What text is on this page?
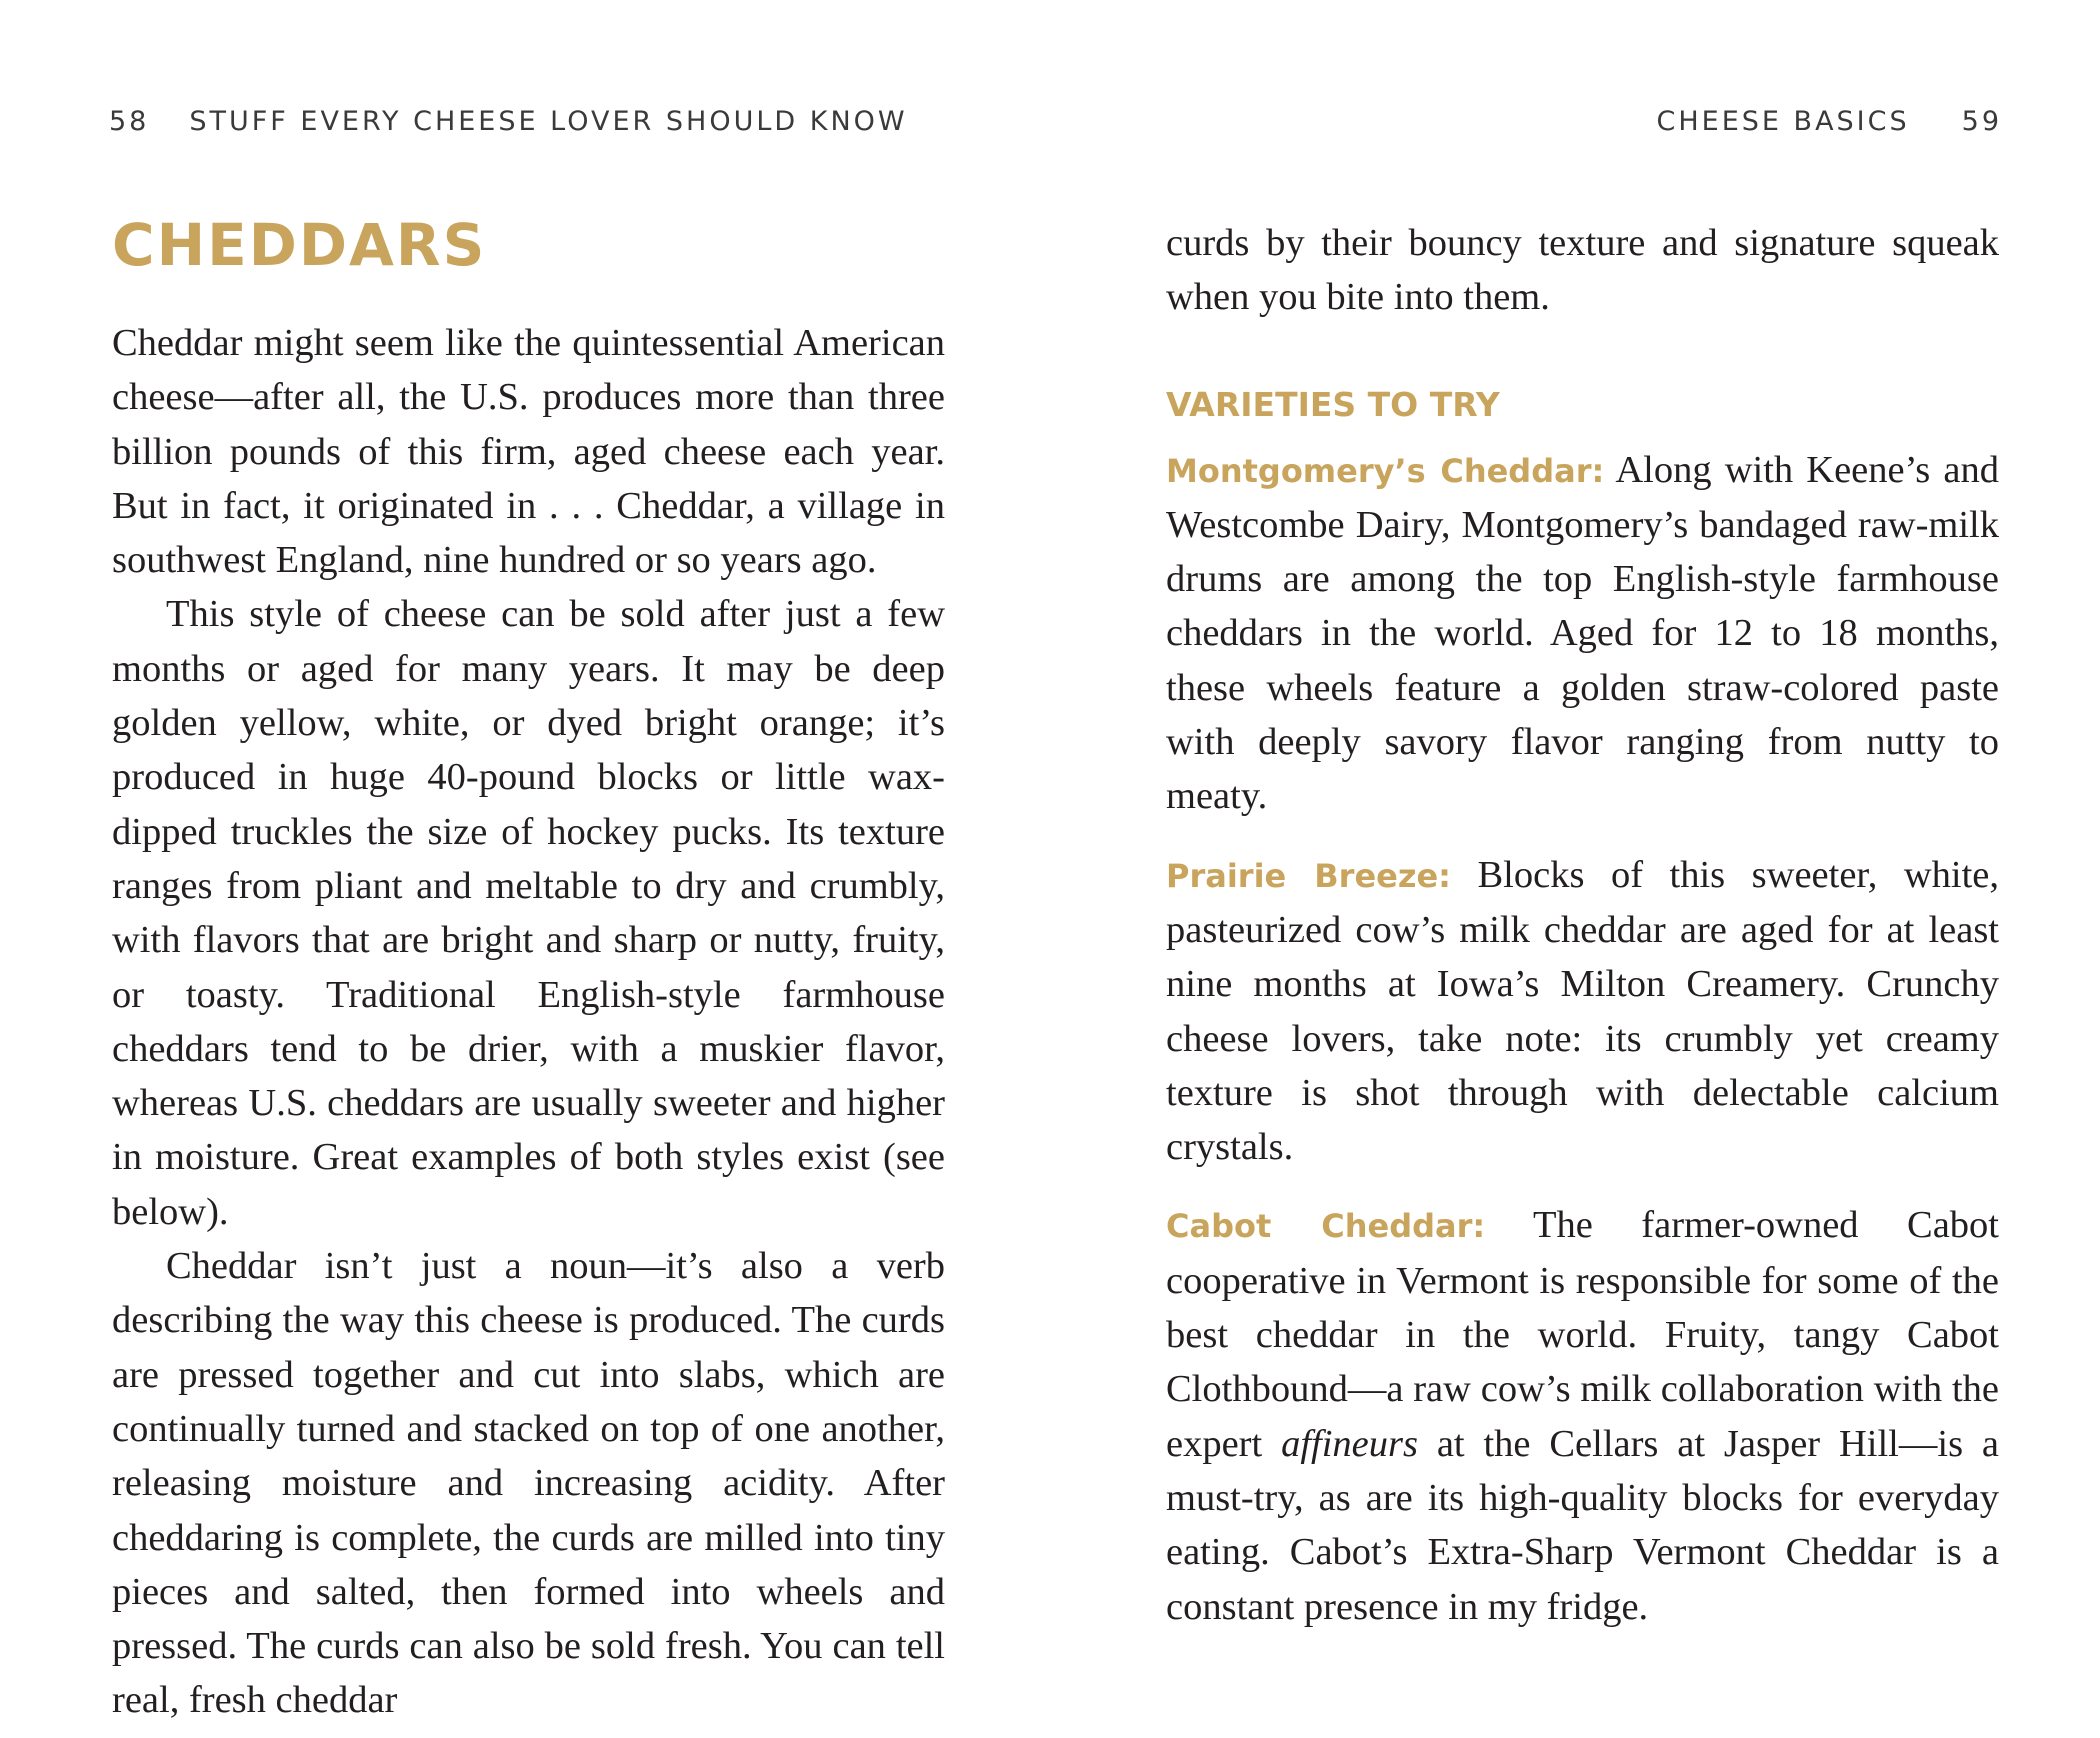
58 STUFF EVERY CHEESE LOVER SHOULD KNOW
CHEDDARS

Cheddar might seem like the quintessential American cheese—after all, the U.S. produces more than three billion pounds of this firm, aged cheese each year. But in fact, it originated in . . . Cheddar, a village in southwest England, nine hundred or so years ago.

This style of cheese can be sold after just a few months or aged for many years. It may be deep golden yellow, white, or dyed bright orange; it’s produced in huge 40-pound blocks or little wax-dipped truckles the size of hockey pucks. Its texture ranges from pliant and meltable to dry and crumbly, with flavors that are bright and sharp or nutty, fruity, or toasty. Traditional English-style farmhouse cheddars tend to be drier, with a muskier flavor, whereas U.S. cheddars are usually sweeter and higher in moisture. Great examples of both styles exist (see below).

Cheddar isn’t just a noun—it’s also a verb describing the way this cheese is produced. The curds are pressed together and cut into slabs, which are continually turned and stacked on top of one another, releasing moisture and increasing acidity. After cheddaring is complete, the curds are milled into tiny pieces and salted, then formed into wheels and pressed. The curds can also be sold fresh. You can tell real, fresh cheddar

CHEESE BASICS 59

curds by their bouncy texture and signature squeak when you bite into them.

VARIETIES TO TRY

Montgomery’s Cheddar: Along with Keene’s and Westcombe Dairy, Montgomery’s bandaged raw-milk drums are among the top English-style farmhouse cheddars in the world. Aged for 12 to 18 months, these wheels feature a golden straw-colored paste with deeply savory flavor ranging from nutty to meaty.

Prairie Breeze: Blocks of this sweeter, white, pasteurized cow’s milk cheddar are aged for at least nine months at Iowa’s Milton Creamery. Crunchy cheese lovers, take note: its crumbly yet creamy texture is shot through with delectable calcium crystals.

Cabot Cheddar: The farmer-owned Cabot cooperative in Vermont is responsible for some of the best cheddar in the world. Fruity, tangy Cabot Clothbound—a raw cow’s milk collaboration with the expert affineurs at the Cellars at Jasper Hill—is a must-try, as are its high-quality blocks for everyday eating. Cabot’s Extra-Sharp Vermont Cheddar is a constant presence in my fridge.
